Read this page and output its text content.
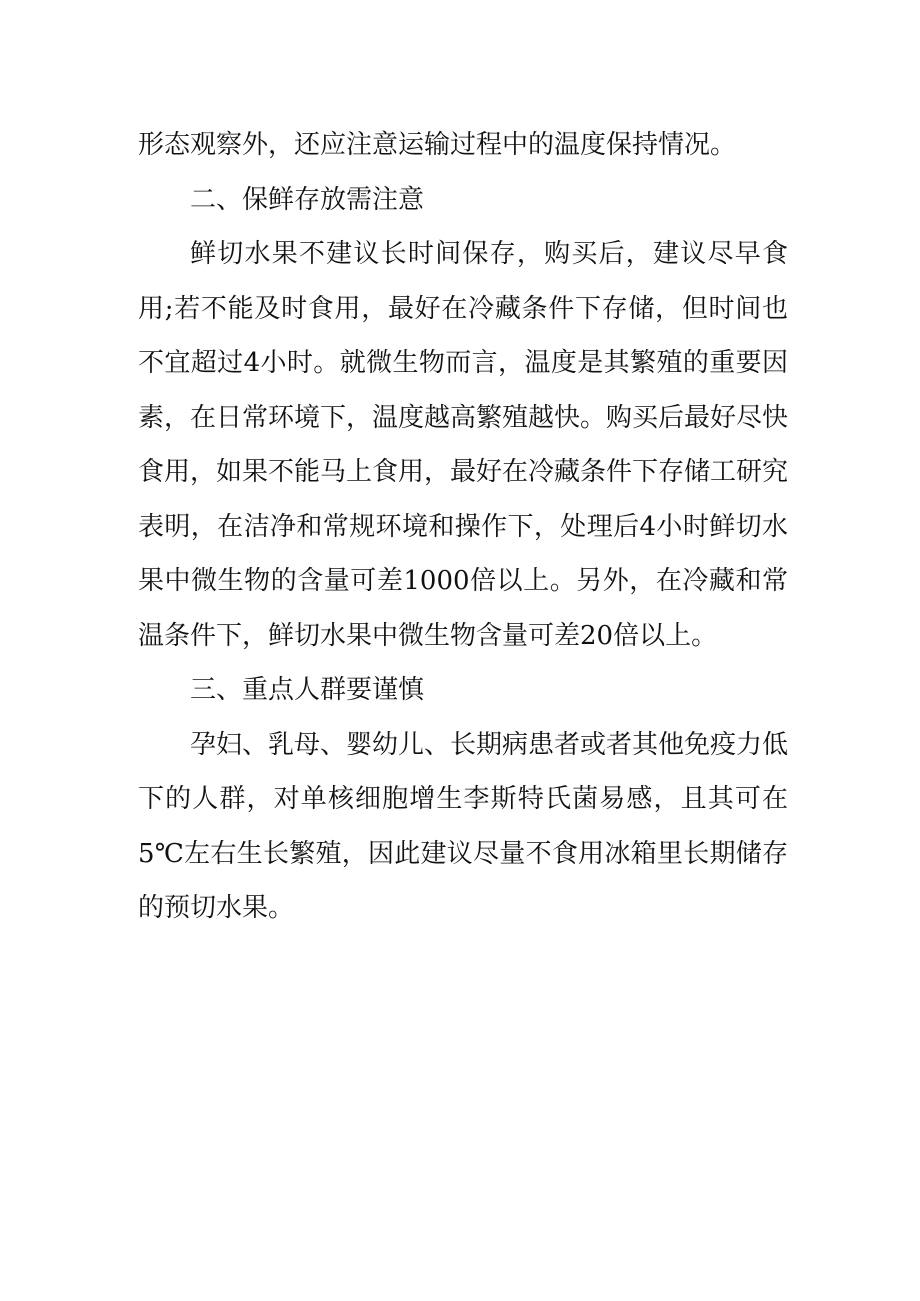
形态观察外，还应注意运输过程中的温度保持情况。

二、保鲜存放需注意

鲜切水果不建议长时间保存，购买后，建议尽早食用;若不能及时食用，最好在冷藏条件下存储，但时间也不宜超过4小时。就微生物而言，温度是其繁殖的重要因素，在日常环境下，温度越高繁殖越快。购买后最好尽快食用，如果不能马上食用，最好在冷藏条件下存储工研究表明，在洁净和常规环境和操作下，处理后4小时鲜切水果中微生物的含量可差1000倍以上。另外，在冷藏和常温条件下，鲜切水果中微生物含量可差20倍以上。

三、重点人群要谨慎

孕妇、乳母、婴幼儿、长期病患者或者其他免疫力低下的人群，对单核细胞增生李斯特氏菌易感，且其可在5℃左右生长繁殖，因此建议尽量不食用冰箱里长期储存的预切水果。
